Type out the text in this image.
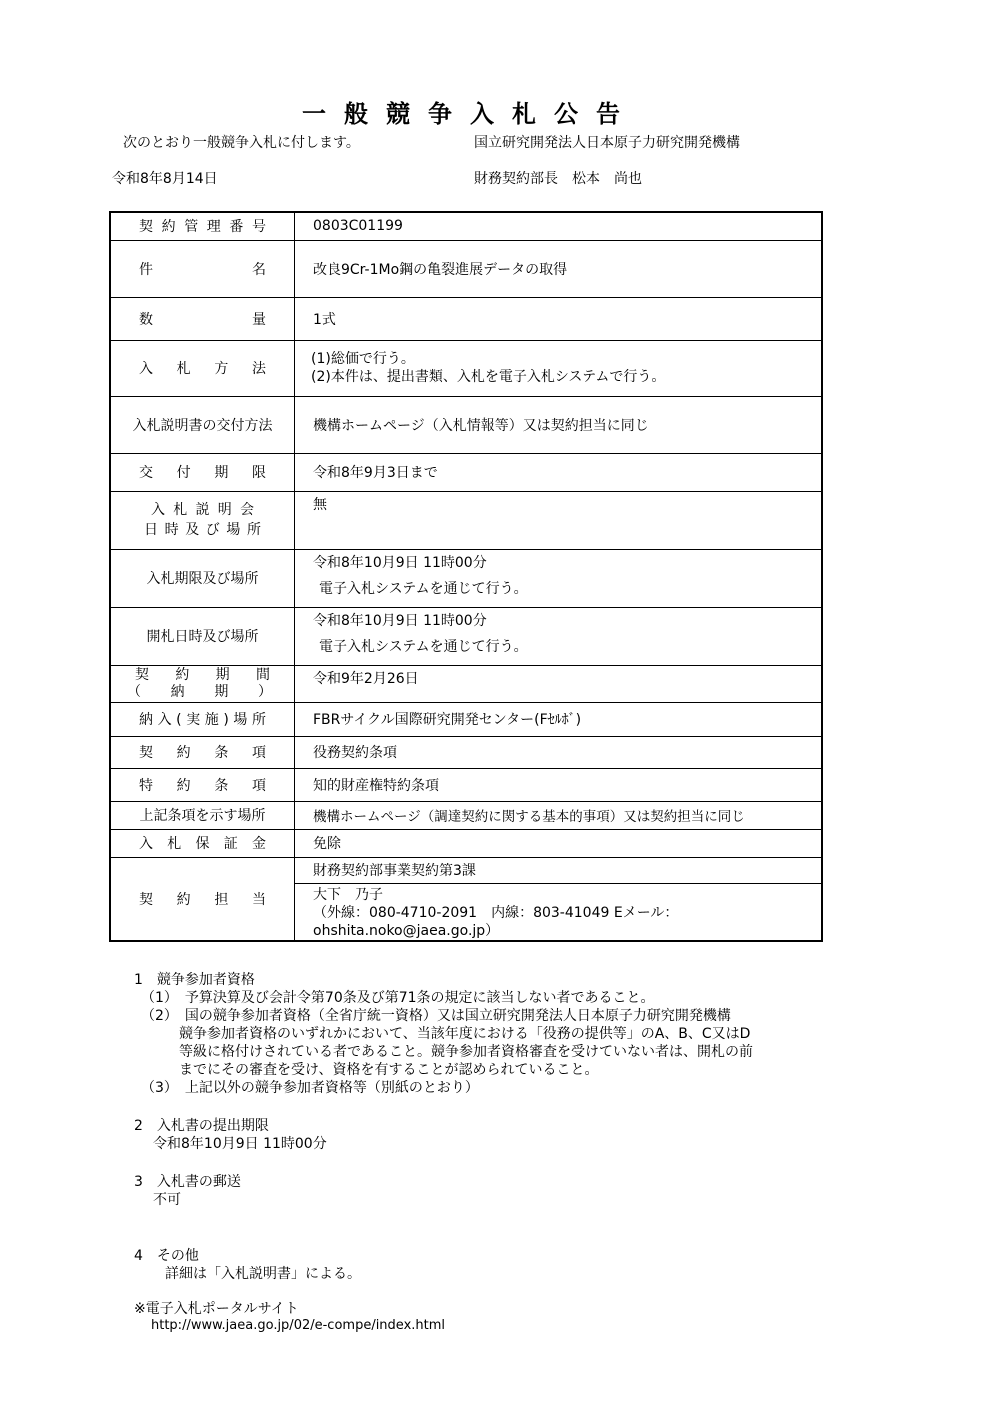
一般競争入札公告
次のとおり一般競争入札に付します。	国立研究開発法人日本原子力研究開発機構
令和8年8月14日	財務契約部長　松本　尚也
契約管理番号	0803C01199
件名	改良9Cr-1Mo鋼の亀裂進展データの取得
数量	1式
入札方法	(1)総価で行う。
(2)本件は、提出書類、入札を電子入札システムで行う。

入札説明書の交付方法	機構ホームページ（入札情報等）又は契約担当に同じ
交付期限	令和8年9月3日まで
入札説明会 日時及び場所	無
入札期限及び場所	令和8年10月9日 11時00分
電子入札システムを通じて行う。

開札日時及び場所	令和8年10月9日 11時00分
電子入札システムを通じて行う。

契約期間 （納期）	令和9年2月26日
納入(実施)場所	FBRサイクル国際研究開発センター(Fｾﾙﾎﾞ)
契約条項	役務契約条項
特約条項	知的財産権特約条項
上記条項を示す場所	機構ホームページ（調達契約に関する基本的事項）又は契約担当に同じ
入札保証金	免除
契約担当	財務契約部事業契約第3課

	大下　乃子
（外線：080-4710-2091　内線：803-41049 Eメール：
ohshita.noko@jaea.go.jp）
1　競争参加者資格
（1）　予算決算及び会計令第70条及び第71条の規定に該当しない者であること。
（2）　国の競争参加者資格（全省庁統一資格）又は国立研究開発法人日本原子力研究開発機構
競争参加者資格のいずれかにおいて、当該年度における「役務の提供等」のA、B、C又はD
等級に格付けされている者であること。競争参加者資格審査を受けていない者は、開札の前
までにその審査を受け、資格を有することが認められていること。
（3）　上記以外の競争参加者資格等（別紙のとおり）
2　入札書の提出期限
令和8年10月9日 11時00分
3　入札書の郵送
不可
4　その他
詳細は「入札説明書」による。
※電子入札ポータルサイト
http://www.jaea.go.jp/02/e-compe/index.html
